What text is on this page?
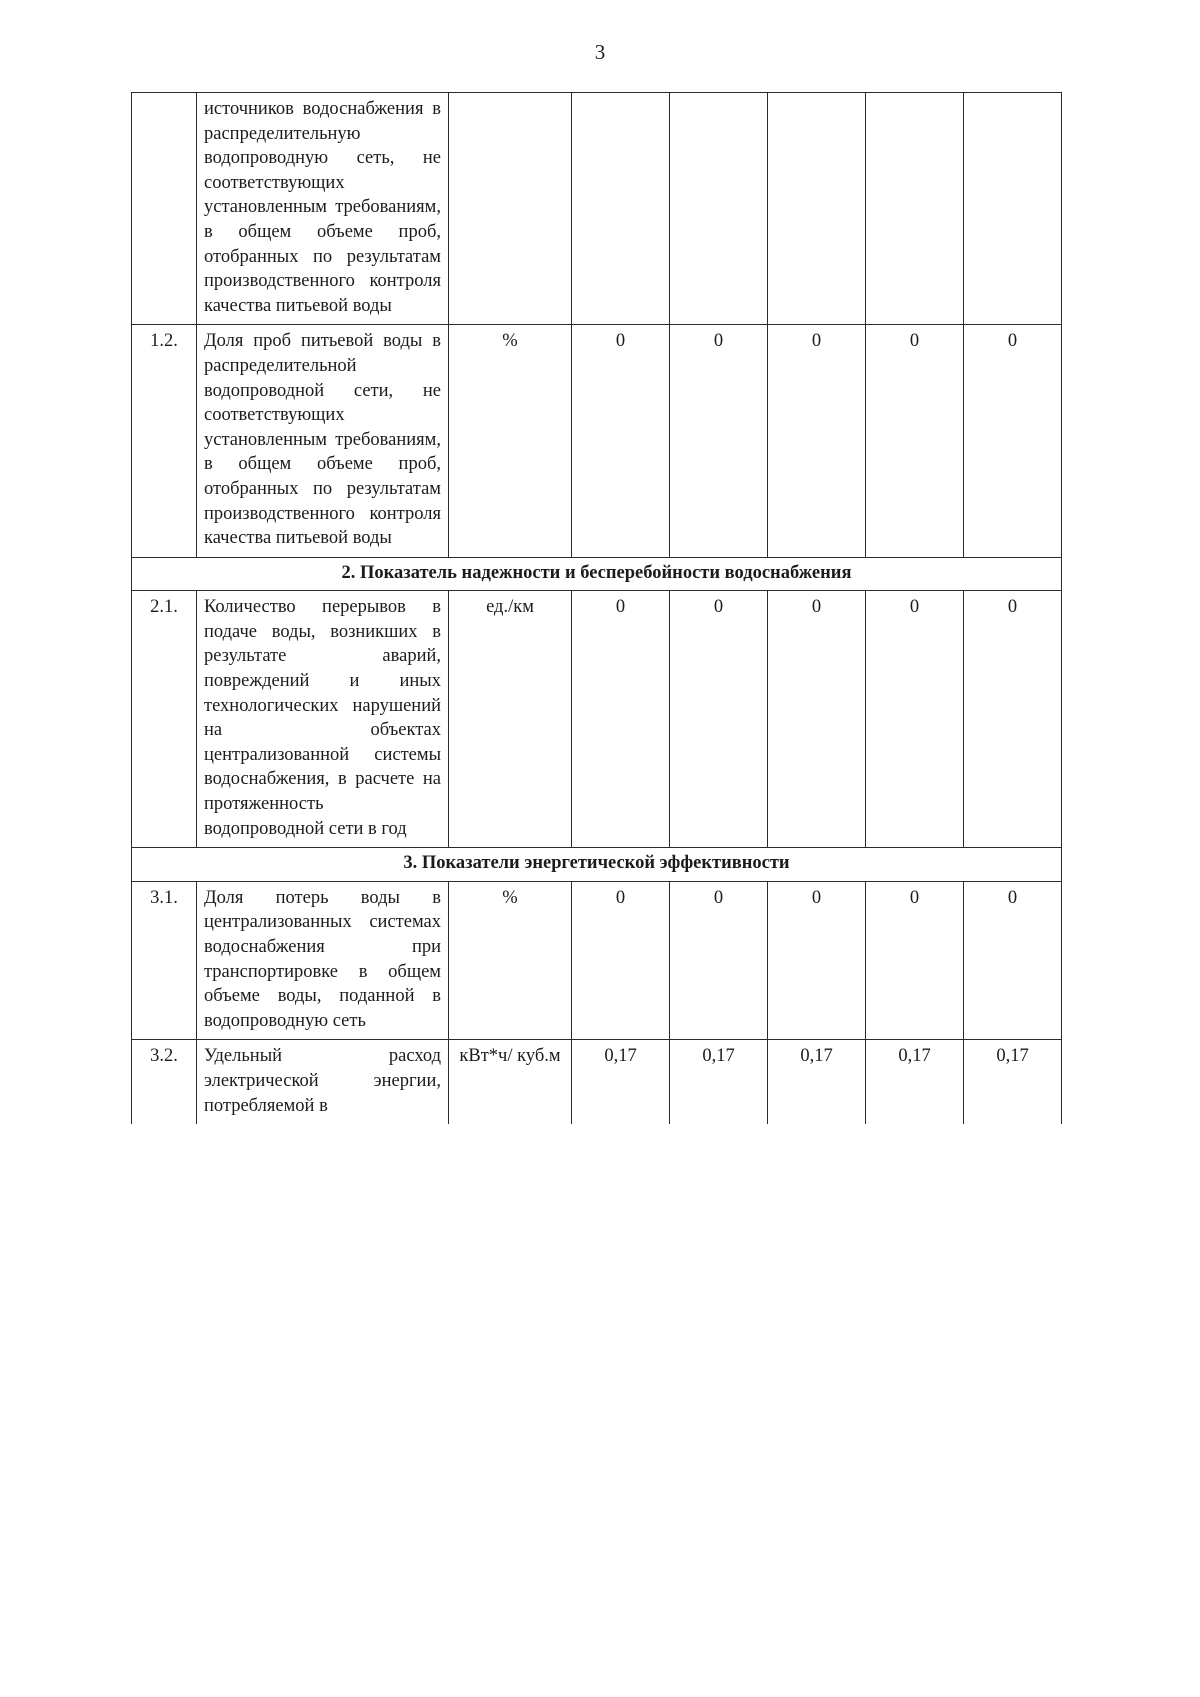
3
	источников водоснабжения в распределительную водопроводную сеть, не соответствующих установленным требованиям, в общем объеме проб, отобранных по результатам производственного контроля качества питьевой воды						
1.2.	Доля проб питьевой воды в распределительной водопроводной сети, не соответствующих установленным требованиям, в общем объеме проб, отобранных по результатам производственного контроля качества питьевой воды	%	0	0	0	0	0
2. Показатель надежности и бесперебойности водоснабжения							
2.1.	Количество перерывов в подаче воды, возникших в результате аварий, повреждений и иных технологических нарушений на объектах централизованной системы водоснабжения, в расчете на протяженность водопроводной сети в год	ед./км	0	0	0	0	0
3. Показатели энергетической эффективности							
3.1.	Доля потерь воды в централизованных системах водоснабжения при транспортировке в общем объеме воды, поданной в водопроводную сеть	%	0	0	0	0	0
3.2.	Удельный расход электрической энергии, потребляемой в	кВт*ч/ куб.м	0,17	0,17	0,17	0,17	0,17
